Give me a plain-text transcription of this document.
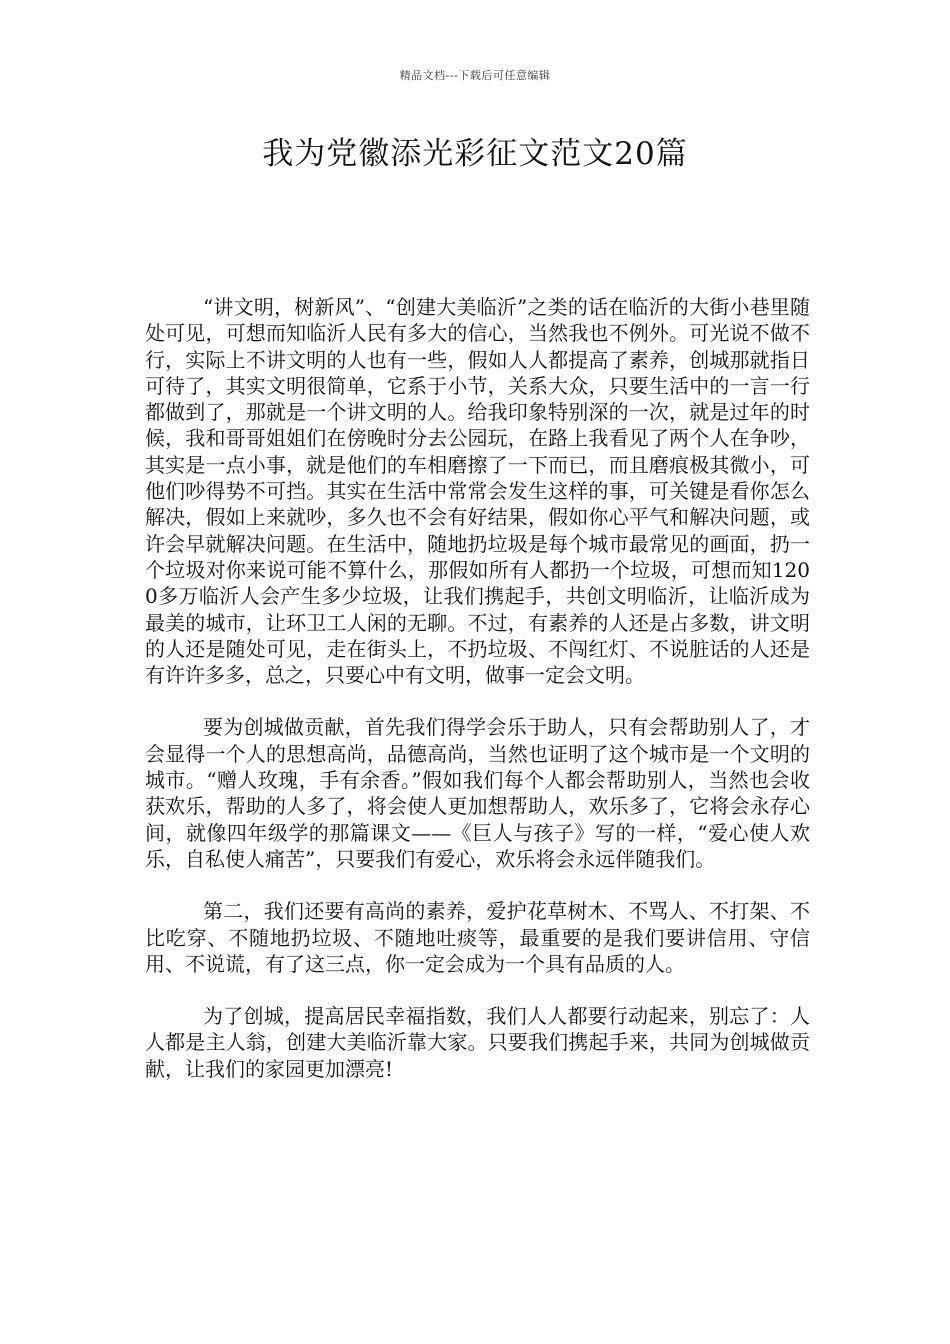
精品文档---下载后可任意编辑
我为党徽添光彩征文范文20篇

“讲文明，树新风”、“创建大美临沂”之类的话在临沂的大街小巷里随处可见，可想而知临沂人民有多大的信心，当然我也不例外。可光说不做不行，实际上不讲文明的人也有一些，假如人人都提高了素养，创城那就指日可待了，其实文明很简单，它系于小节，关系大众，只要生活中的一言一行都做到了，那就是一个讲文明的人。给我印象特别深的一次，就是过年的时候，我和哥哥姐姐们在傍晚时分去公园玩，在路上我看见了两个人在争吵，其实是一点小事，就是他们的车相磨擦了一下而已，而且磨痕极其微小，可他们吵得势不可挡。其实在生活中常常会发生这样的事，可关键是看你怎么解决，假如上来就吵，多久也不会有好结果，假如你心平气和解决问题，或许会早就解决问题。在生活中，随地扔垃圾是每个城市最常见的画面，扔一个垃圾对你来说可能不算什么，那假如所有人都扔一个垃圾，可想而知1200多万临沂人会产生多少垃圾，让我们携起手，共创文明临沂，让临沂成为最美的城市，让环卫工人闲的无聊。不过，有素养的人还是占多数，讲文明的人还是随处可见，走在街头上，不扔垃圾、不闯红灯、不说脏话的人还是有许许多多，总之，只要心中有文明，做事一定会文明。

要为创城做贡献，首先我们得学会乐于助人，只有会帮助别人了，才会显得一个人的思想高尚，品德高尚，当然也证明了这个城市是一个文明的城市。“赠人玫瑰，手有余香。”假如我们每个人都会帮助别人，当然也会收获欢乐，帮助的人多了，将会使人更加想帮助人，欢乐多了，它将会永存心间，就像四年级学的那篇课文——《巨人与孩子》写的一样，“爱心使人欢乐，自私使人痛苦”，只要我们有爱心，欢乐将会永远伴随我们。

第二，我们还要有高尚的素养，爱护花草树木、不骂人、不打架、不比吃穿、不随地扔垃圾、不随地吐痰等，最重要的是我们要讲信用、守信用、不说谎，有了这三点，你一定会成为一个具有品质的人。

为了创城，提高居民幸福指数，我们人人都要行动起来，别忘了：人人都是主人翁，创建大美临沂靠大家。只要我们携起手来，共同为创城做贡献，让我们的家园更加漂亮!
